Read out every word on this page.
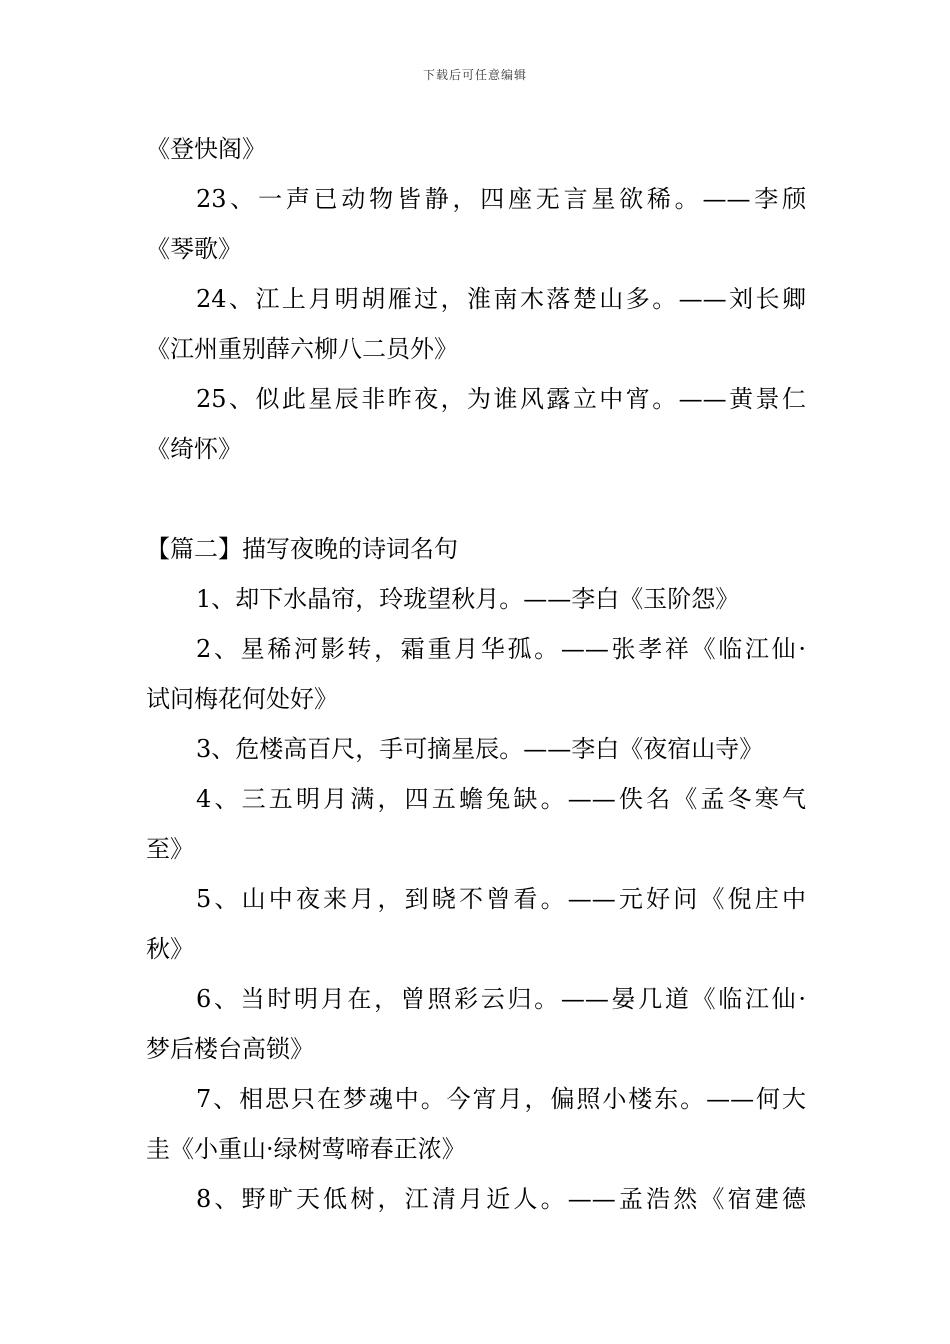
下载后可任意编辑
《登快阁》
23、一声已动物皆静，四座无言星欲稀。——李颀
《琴歌》
24、江上月明胡雁过，淮南木落楚山多。——刘长卿
《江州重别薛六柳八二员外》
25、似此星辰非昨夜，为谁风露立中宵。——黄景仁
《绮怀》
【篇二】描写夜晚的诗词名句
1、却下水晶帘，玲珑望秋月。——李白《玉阶怨》
2、星稀河影转，霜重月华孤。——张孝祥《临江仙·
试问梅花何处好》
3、危楼高百尺，手可摘星辰。——李白《夜宿山寺》
4、三五明月满，四五蟾兔缺。——佚名《孟冬寒气
至》
5、山中夜来月，到晓不曾看。——元好问《倪庄中
秋》
6、当时明月在，曾照彩云归。——晏几道《临江仙·
梦后楼台高锁》
7、相思只在梦魂中。今宵月，偏照小楼东。——何大
圭《小重山·绿树莺啼春正浓》
8、野旷天低树，江清月近人。——孟浩然《宿建德
